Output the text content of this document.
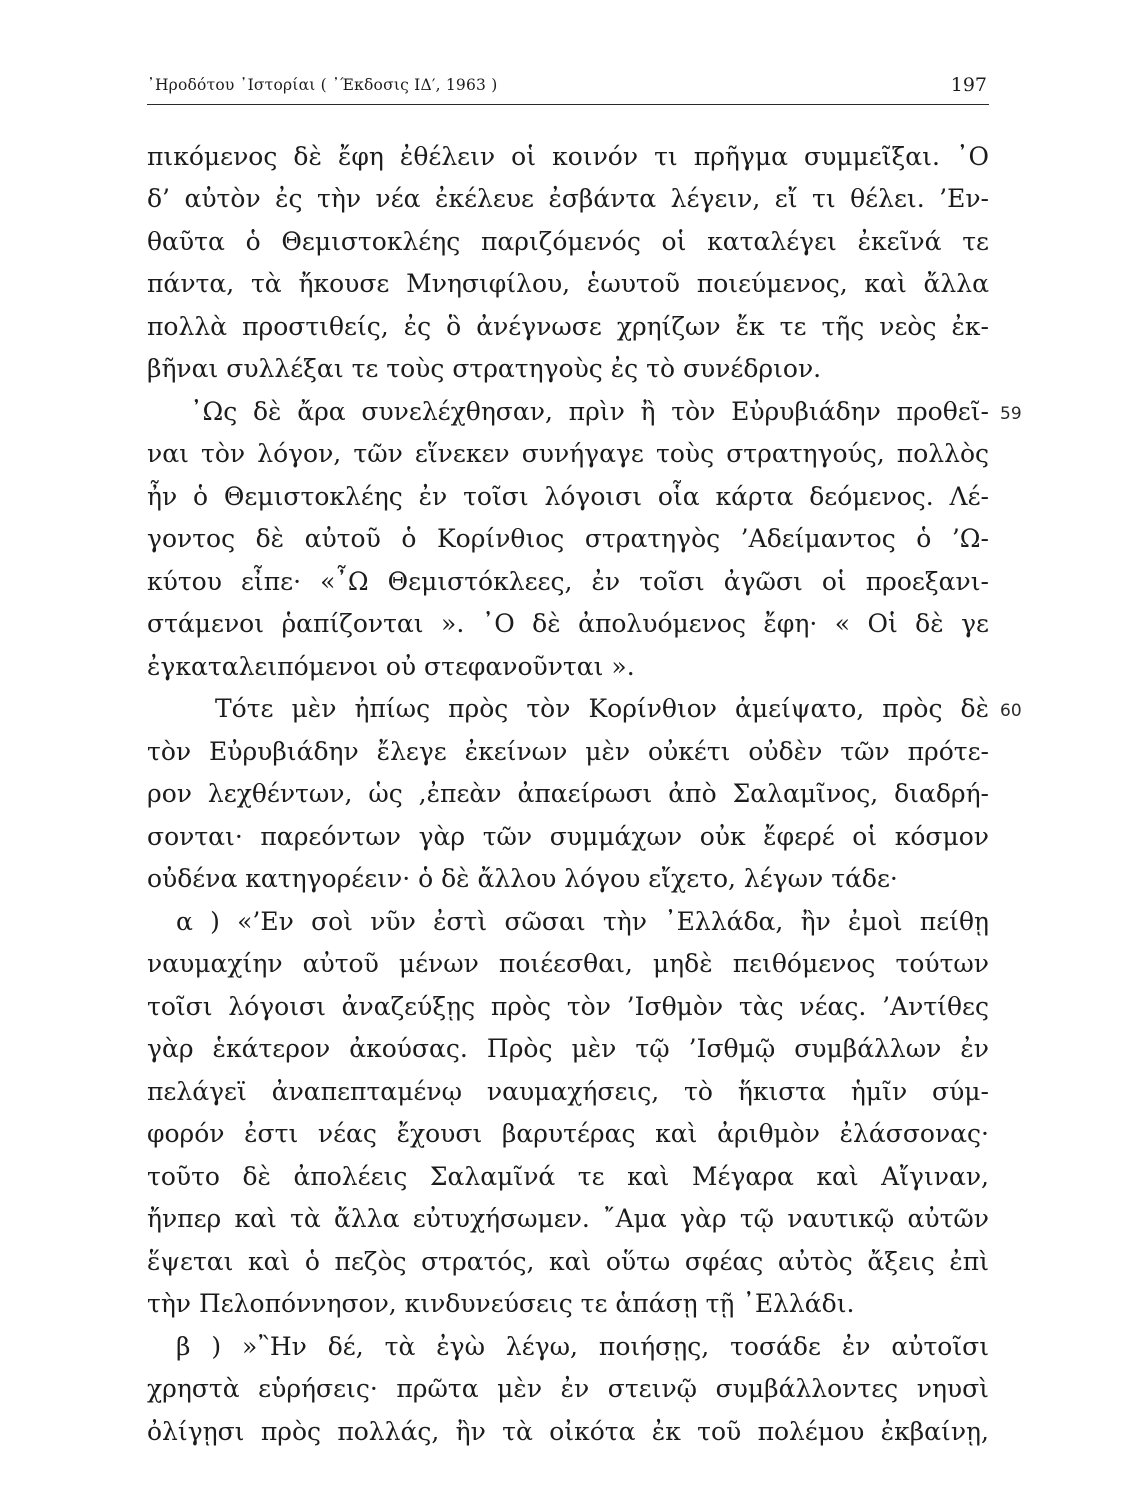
᾿Ηροδότου ᾿Ιστορίαι ( ᾿Έκδοσις ΙΔ′, 1963 )	197
πικόμενος δὲ ἔφη ἐθέλειν οἱ κοινόν τι πρῆγμα συμμεῖξαι. ᾿Ο
δ’ αὐτὸν ἐς τὴν νέα ἐκέλευε ἐσβάντα λέγειν, εἴ τι θέλει. ’Εν-
θαῦτα ὁ Θεμιστοκλέης παριζόμενός οἱ καταλέγει ἐκεῖνά τε
πάντα, τὰ ἤκουσε Μνησιφίλου, ἑωυτοῦ ποιεύμενος, καὶ ἄλλα
πολλὰ προστιθείς, ἐς ὃ ἀνέγνωσε χρηίζων ἔκ τε τῆς νεὸς ἐκ-
βῆναι συλλέξαι τε τοὺς στρατηγοὺς ἐς τὸ συνέδριον.
᾿Ως δὲ ἄρα συνελέχθησαν, πρὶν ἢ τὸν Εὐρυβιάδην προθεῖ-
ναι τὸν λόγον, τῶν εἵνεκεν συνήγαγε τοὺς στρατηγούς, πολλὸς
ἦν ὁ Θεμιστοκλέης ἐν τοῖσι λόγοισι οἷα κάρτα δεόμενος. Λέ-
γοντος δὲ αὐτοῦ ὁ Κορίνθιος στρατηγὸς ’Αδείμαντος ὁ ’Ω-
κύτου εἶπε· «῏Ω Θεμιστόκλεες, ἐν τοῖσι ἀγῶσι οἱ προεξανι-
στάμενοι ῥαπίζονται ». ᾿Ο δὲ ἀπολυόμενος ἔφη· « Οἱ δὲ γε
ἐγκαταλειπόμενοι οὐ στεφανοῦνται ».
Τότε μὲν ἠπίως πρὸς τὸν Κορίνθιον ἀμείψατο, πρὸς δὲ
τὸν Εὐρυβιάδην ἔλεγε ἐκείνων μὲν οὐκέτι οὐδὲν τῶν πρότε-
ρον λεχθέντων, ὡς ,ἐπεὰν ἀπαείρωσι ἀπὸ Σαλαμῖνος, διαδρή-
σονται· παρεόντων γὰρ τῶν συμμάχων οὐκ ἔφερέ οἱ κόσμον
οὐδένα κατηγορέειν· ὁ δὲ ἄλλου λόγου εἴχετο, λέγων τάδε·
α ) «’Εν σοὶ νῦν ἐστὶ σῶσαι τὴν ᾿Ελλάδα, ἢν ἐμοὶ πείθῃ
ναυμαχίην αὐτοῦ μένων ποιέεσθαι, μηδὲ πειθόμενος τούτων
τοῖσι λόγοισι ἀναζεύξῃς πρὸς τὸν ’Ισθμὸν τὰς νέας. ’Αντίθες
γὰρ ἑκάτερον ἀκούσας. Πρὸς μὲν τῷ ’Ισθμῷ συμβάλλων ἐν
πελάγεϊ ἀναπεπταμένῳ ναυμαχήσεις, τὸ ἥκιστα ἡμῖν σύμ-
φορόν ἐστι νέας ἔχουσι βαρυτέρας καὶ ἀριθμὸν ἐλάσσονας·
τοῦτο δὲ ἀπολέεις Σαλαμῖνά τε καὶ Μέγαρα καὶ Αἴγιναν,
ἤνπερ καὶ τὰ ἄλλα εὐτυχήσωμεν. ῎Αμα γὰρ τῷ ναυτικῷ αὐτῶν
ἕψεται καὶ ὁ πεζὸς στρατός, καὶ οὕτω σφέας αὐτὸς ἄξεις ἐπὶ
τὴν Πελοπόννησον, κινδυνεύσεις τε ἁπάσῃ τῇ ᾿Ελλάδι.
β ) »῍Ην δέ, τὰ ἐγὼ λέγω, ποιήσῃς, τοσάδε ἐν αὐτοῖσι
χρηστὰ εὑρήσεις· πρῶτα μὲν ἐν στεινῷ συμβάλλοντες νηυσὶ
ὀλίγῃσι πρὸς πολλάς, ἢν τὰ οἰκότα ἐκ τοῦ πολέμου ἐκβαίνῃ,
59
60
